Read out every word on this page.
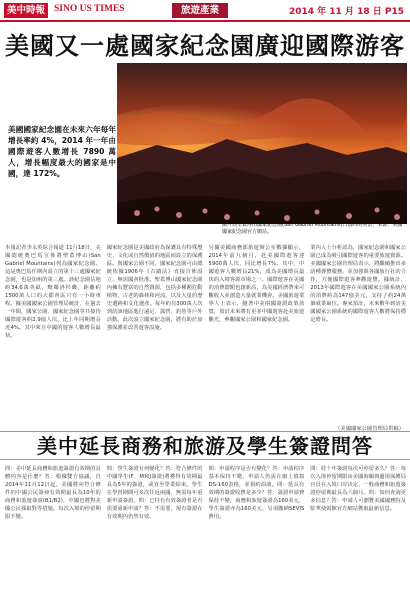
美中時報 SINO US TIMES	旅遊產業	2014 年 11 月 18 日 P15
美國又一處國家紀念園廣迎國際游客
美國國家紀念園在未來六年每年增長率約 4%，2014 年一年由國際遊客人數增長 7890 萬人，增長幅度最大的國家是中國，達 172%。
圖片為聖蓋博山國家紀念園(San Gabriel Mountains)日落時的美景，來源：美國國家紀念園官方網站。
本報記者李永英綜合報道 11月18日，美國總統奧巴馬宣佈將聖蓋博山(San Gabriel Mountains)列為國家紀念園。這是奧巴馬任期內設立的第十三處國家紀念園，也是加州的第三處。該紀念園佔地約34.6萬英畝，毗鄰洛杉磯，距離約1500萬人口的大都會區只有一小時車程。據美國國家公園管理局統計，在過去一年間，國家公園、國家紀念園等共接待國際遊客約2.9億人次，比上年同期增長近4%。其中來自中國的遊客人數增長最快。
國家紀念園是美國政府為保護具有特殊歷史、文化或自然價值的地區而設立的保護區。與國家公園不同，國家紀念園可由總統依據1906年《古蹟法》直接宣佈設立，無需國會批准。聖蓋博山國家紀念園內擁有豐富的自然資源，包括多種瀕危動植物、古老的森林和河流，以及大量的歷史遺跡和文化遺產。每年約有300萬人次到訪該地區進行遠足、露營、釣魚等戶外活動。此次設立國家紀念園，將有助於加強保護並改善遊客設施。
另據美國商務部旅遊辦公室數據顯示，2014年前九個月，赴美國際遊客達5900萬人次，同比增長7%。其中，中國遊客人數增長21%，成為美國增長最快的入境客源市場之一。國際遊客在美國的消費總額也創新高，為美國經濟帶來可觀收入並創造大量就業機會。美國旅遊業界人士表示，隨著中美兩國簽證政策放寬，預計未來將有更多中國遊客赴美旅遊觀光，參觀國家公園和國家紀念園。
業內人士分析認為，國家紀念園和國家公園已成為吸引國際遊客的重要旅遊資源。美國國家公園管理局表示，將繼續推出多語種導覽服務，並加強與各國旅行社的合作，方便國際遊客參觀遊覽。據統計，2013年國際遊客在美國國家公園系統內的消費約為147億美元，支持了約24萬個就業崗位。專家預計，未來數年到訪美國國家公園系統的國際遊客人數將保持穩定增長。
美中延長商務和旅游及學生簽證問答
問：美中延長商務和旅遊簽證有效期的具體內容是什麼？答：根據雙方協議，自2014年11月12日起，美國將向符合條件的中國公民簽發有效期最長為10年的商務和旅遊簽證(B1/B2)，中國也將對美國公民採取對等措施。每次入境的停留期限不變。
問：學生簽證有何變化？答：符合條件的中國學生(F、M和J簽證)將獲得有效期最長為5年的簽證，或直至學業結束。學生在學習期間可多次往返兩國，無需每年重新申請簽證。問：已持有有效簽證者是否需要重新申請？答：不需要，現有簽證在有效期內仍然有效。
問：申請程序是否有變化？答：申請程序基本保持不變，申請人仍需在網上填寫DS-160表格，並預約面談。問：延長有效期的簽證收費是多少？答：簽證申請費保持不變，商務和旅遊簽證為160美元，學生簽證亦為160美元，另須繳納SEVIS費用。
問：持十年簽證每次可停留多久？答：每次入境停留期限由美國海關與邊境保護局官員在入境口岸決定，一般商務和旅遊簽證停留期最長為六個月。問：如何查詢更多信息？答：申請人可瀏覽美國國務院及駐華使領館官方網站獲取最新信息。
（美國國家公園管理局供稿）
